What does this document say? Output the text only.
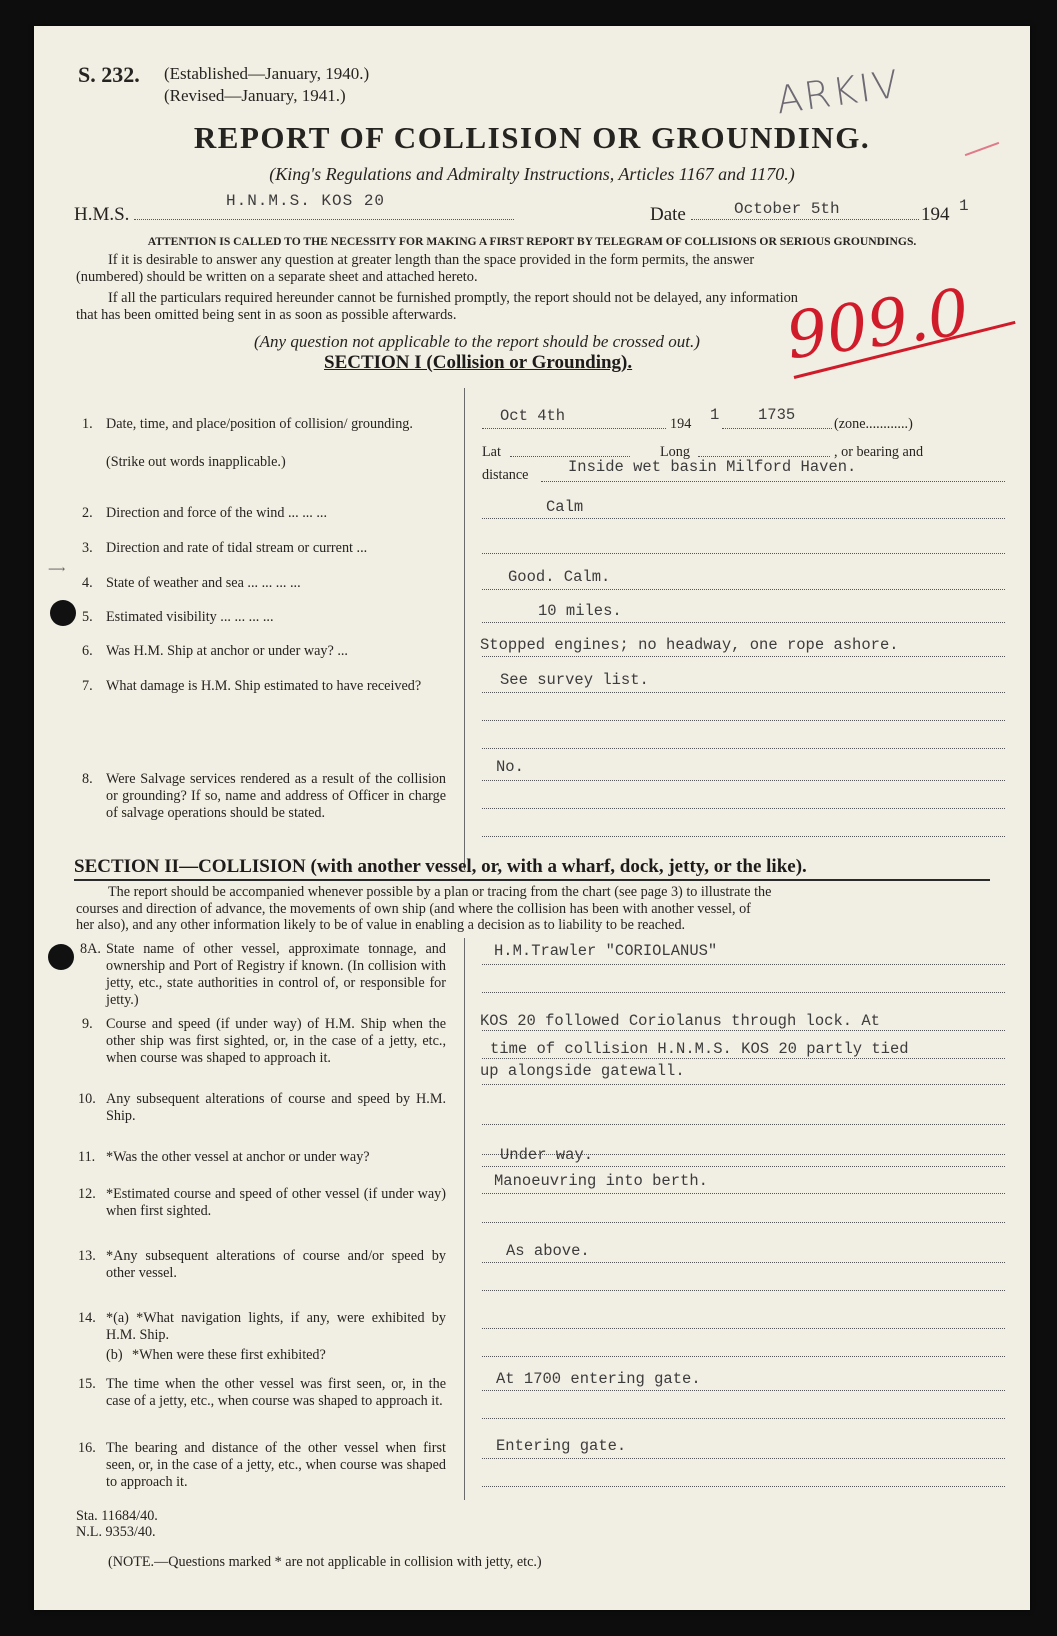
S. 232. (Established—January, 1940.)
(Revised—January, 1941.)	ARKIV
REPORT OF COLLISION OR GROUNDING.
(King's Regulations and Admiralty Instructions, Articles 1167 and 1170.)
H.M.S.
H.N.M.S. KOS 20
Date	October 5th	194 1
ATTENTION IS CALLED TO THE NECESSITY FOR MAKING A FIRST REPORT BY TELEGRAM OF COLLISIONS OR SERIOUS GROUNDINGS.
If it is desirable to answer any question at greater length than the space provided in the form permits, the answer
(numbered) should be written on a separate sheet and attached hereto.
If all the particulars required hereunder cannot be furnished promptly, the report should not be delayed, any information
that has been omitted being sent in as soon as possible afterwards.
(Any question not applicable to the report should be crossed out.) 909.0
SECTION I (Collision or Grounding).
1. Date, time, and place/position of collision/ grounding.
(Strike out words inapplicable.)
Oct 4th	194 1 1735	(zone............)
Lat	Long	, or bearing and
distance	Inside wet basin Milford Haven.
2. Direction and force of the wind ... ... ...	Calm
3. Direction and rate of tidal stream or current ...
⟶
4. State of weather and sea ... ... ... ...	Good. Calm.
5. Estimated visibility ... ... ... ...	10 miles.
6. Was H.M. Ship at anchor or under way? ...	Stopped engines; no headway, one rope ashore.
7. What damage is H.M. Ship estimated to have received?	See survey list.
8. Were Salvage services rendered as a result of the collision or grounding? If so, name and address of Officer in charge of salvage operations should be stated.
No.
SECTION II—COLLISION (with another vessel, or, with a wharf, dock, jetty, or the like).
The report should be accompanied whenever possible by a plan or tracing from the chart (see page 3) to illustrate the
courses and direction of advance, the movements of own ship (and where the collision has been with another vessel, of
her also), and any other information likely to be of value in enabling a decision as to liability to be reached.
8A. State name of other vessel, approximate tonnage, and ownership and Port of Registry if known. (In collision with jetty, etc., state authorities in control of, or responsible for jetty.)
H.M.Trawler "CORIOLANUS"
9. Course and speed (if under way) of H.M. Ship when the other ship was first sighted, or, in the case of a jetty, etc., when course was shaped to approach it.
KOS 20 followed Coriolanus through lock. At
time of collision H.N.M.S. KOS 20 partly tied
up alongside gatewall.
10. Any subsequent alterations of course and speed by H.M. Ship.
11. *Was the other vessel at anchor or under way?	Under way.
12. *Estimated course and speed of other vessel (if under way) when first sighted.
Manoeuvring into berth.
13. *Any subsequent alterations of course and/or speed by other vessel.
As above.
14. *(a) *What navigation lights, if any, were exhibited by H.M. Ship.
(b) *When were these first exhibited?
15. The time when the other vessel was first seen, or, in the case of a jetty, etc., when course was shaped to approach it.
At 1700 entering gate.
16. The bearing and distance of the other vessel when first seen, or, in the case of a jetty, etc., when course was shaped to approach it.
Entering gate.
Sta. 11684/40.
N.L. 9353/40.
(NOTE.—Questions marked * are not applicable in collision with jetty, etc.)
